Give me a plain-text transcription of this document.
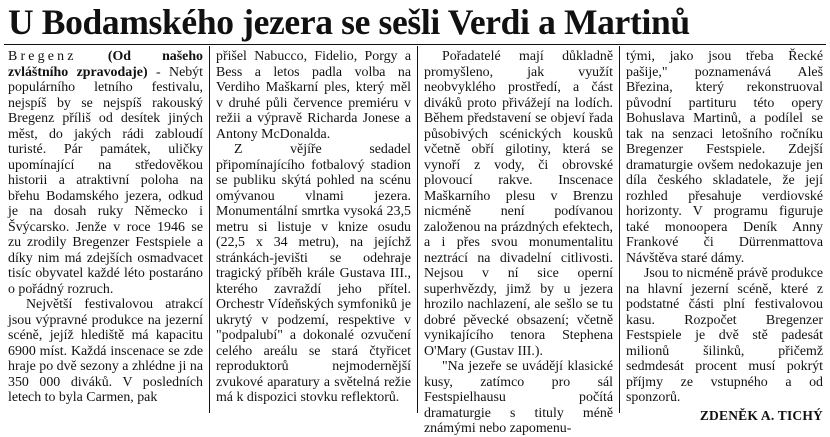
U Bodamského jezera se sešli Verdi a Martinů

Bregenz (Od našeho zvláštního zpravodaje) - Nebýt populárního letního festivalu, nejspíš by se nejspíš rakouský Bregenz příliš od desítek jiných měst, do jakých rádi zabloudí turisté. Pár památek, uličky upomínající na středověkou historii a atraktivní poloha na břehu Bodamského jezera, odkud je na dosah ruky Německo i Švýcarsko. Jenže v roce 1946 se zu zrodily Bregenzer Festspiele a díky nim má zdejších osmadvacet tisíc obyvatel každé léto postaráno o pořádný rozruch.

Největší festivalovou atrakcí jsou výpravné produkce na jezerní scéně, jejíž hlediště má kapacitu 6900 míst. Každá inscenace se zde hraje po dvě sezony a zhlédne ji na 350 000 diváků. V posledních letech to byla Carmen, pak

přišel Nabucco, Fidelio, Porgy a Bess a letos padla volba na Verdiho Maškarní ples, který měl v druhé půli července premiéru v režii a výpravě Richarda Jonese a Antony McDonalda.

Z vějíře sedadel připomínajícího fotbalový stadion se publiku skýtá pohled na scénu omývanou vlnami jezera. Monumentální smrtka vysoká 23,5 metru si listuje v knize osudu (22,5 x 34 metru), na jejíchž stránkách-jevišti se odehraje tragický příběh krále Gustava III., kterého zavraždí jeho přítel. Orchestr Vídeňských symfoniků je ukrytý v podzemí, respektive v "podpalubí" a dokonalé ozvučení celého areálu se stará čtyřicet reproduktorů nejmodernější zvukové aparatury a světelná režie má k dispozici stovku reflektorů.

Pořadatelé mají důkladně promyšleno, jak využít neobvyklého prostředí, a část diváků proto přivážejí na lodích. Během představení se objeví řada působivých scénických kousků včetně obří gilotiny, která se vynoří z vody, či obrovské plovoucí rakve. Inscenace Maškarního plesu v Brenzu nicméně není podívanou založenou na prázdných efektech, a i přes svou monumentalitu neztrácí na divadelní citlivosti. Nejsou v ní sice operní superhvězdy, jimž by u jezera hrozilo nachlazení, ale sešlo se tu dobré pěvecké obsazení; včetně vynikajícího tenora Stephena O'Mary (Gustav III.).

"Na jezeře se uvádějí klasické kusy, zatímco pro sál Festspielhausu počítá dramaturgie s tituly méně známými nebo zapomenu-

tými, jako jsou třeba Řecké pašije," poznamenává Aleš Březina, který rekonstruoval původní partituru této opery Bohuslava Martinů, a podílel se tak na senzaci letošního ročníku Bregenzer Festspiele. Zdejší dramaturgie ovšem nedokazuje jen díla českého skladatele, že její rozhled přesahuje verdiovské horizonty. V programu figuruje také monoopera Deník Anny Frankové či Dürrenmattova Návštěva staré dámy.

Jsou to nicméně právě produkce na hlavní jezerní scéně, které z podstatné části plní festivalovou kasu. Rozpočet Bregenzer Festspiele je dvě stě padesát milionů šilinků, přičemž sedmdesát procent musí pokrýt příjmy ze vstupného a od sponzorů.

ZDENĚK A. TICHÝ
